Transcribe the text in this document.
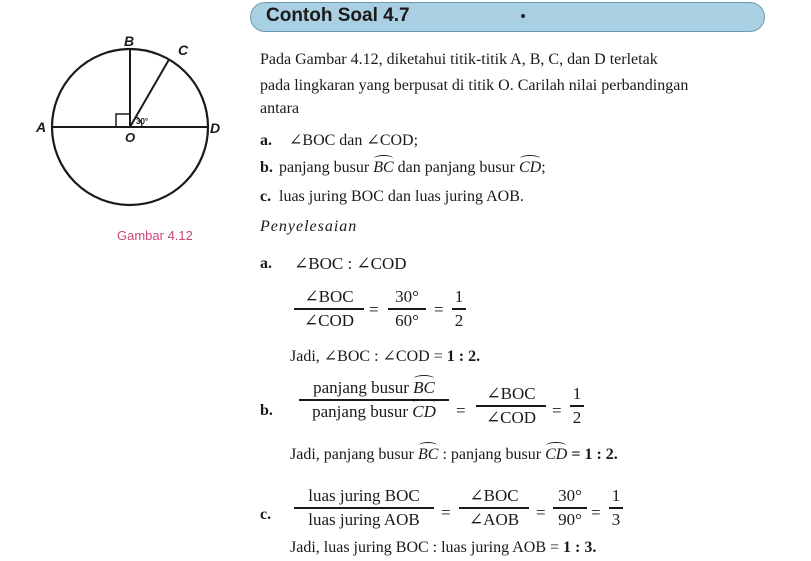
Contoh Soal 4.7
B
C
A	D
O
30°
Gambar 4.12
Pada Gambar 4.12, diketahui titik-titik A, B, C, dan D terletak
pada lingkaran yang berpusat di titik O. Carilah nilai perbandingan
antara
a. ∠BOC dan ∠COD;
b. panjang busur BC dan panjang busur CD;
c. luas juring BOC dan luas juring AOB.
Penyelesaian
a. ∠BOC : ∠COD
∠BOC
∠COD
=
30°
60°
=
1
2
Jadi, ∠BOC : ∠COD = 1 : 2.
b.
panjang busur BC
panjang busur CD =
∠BOC
∠COD =
1
2
Jadi, panjang busur BC : panjang busur CD = 1 : 2.
c.
luas juring BOC
luas juring AOB =
∠BOC
∠AOB =
30°
90° =
1
3
Jadi, luas juring BOC : luas juring AOB = 1 : 3.
